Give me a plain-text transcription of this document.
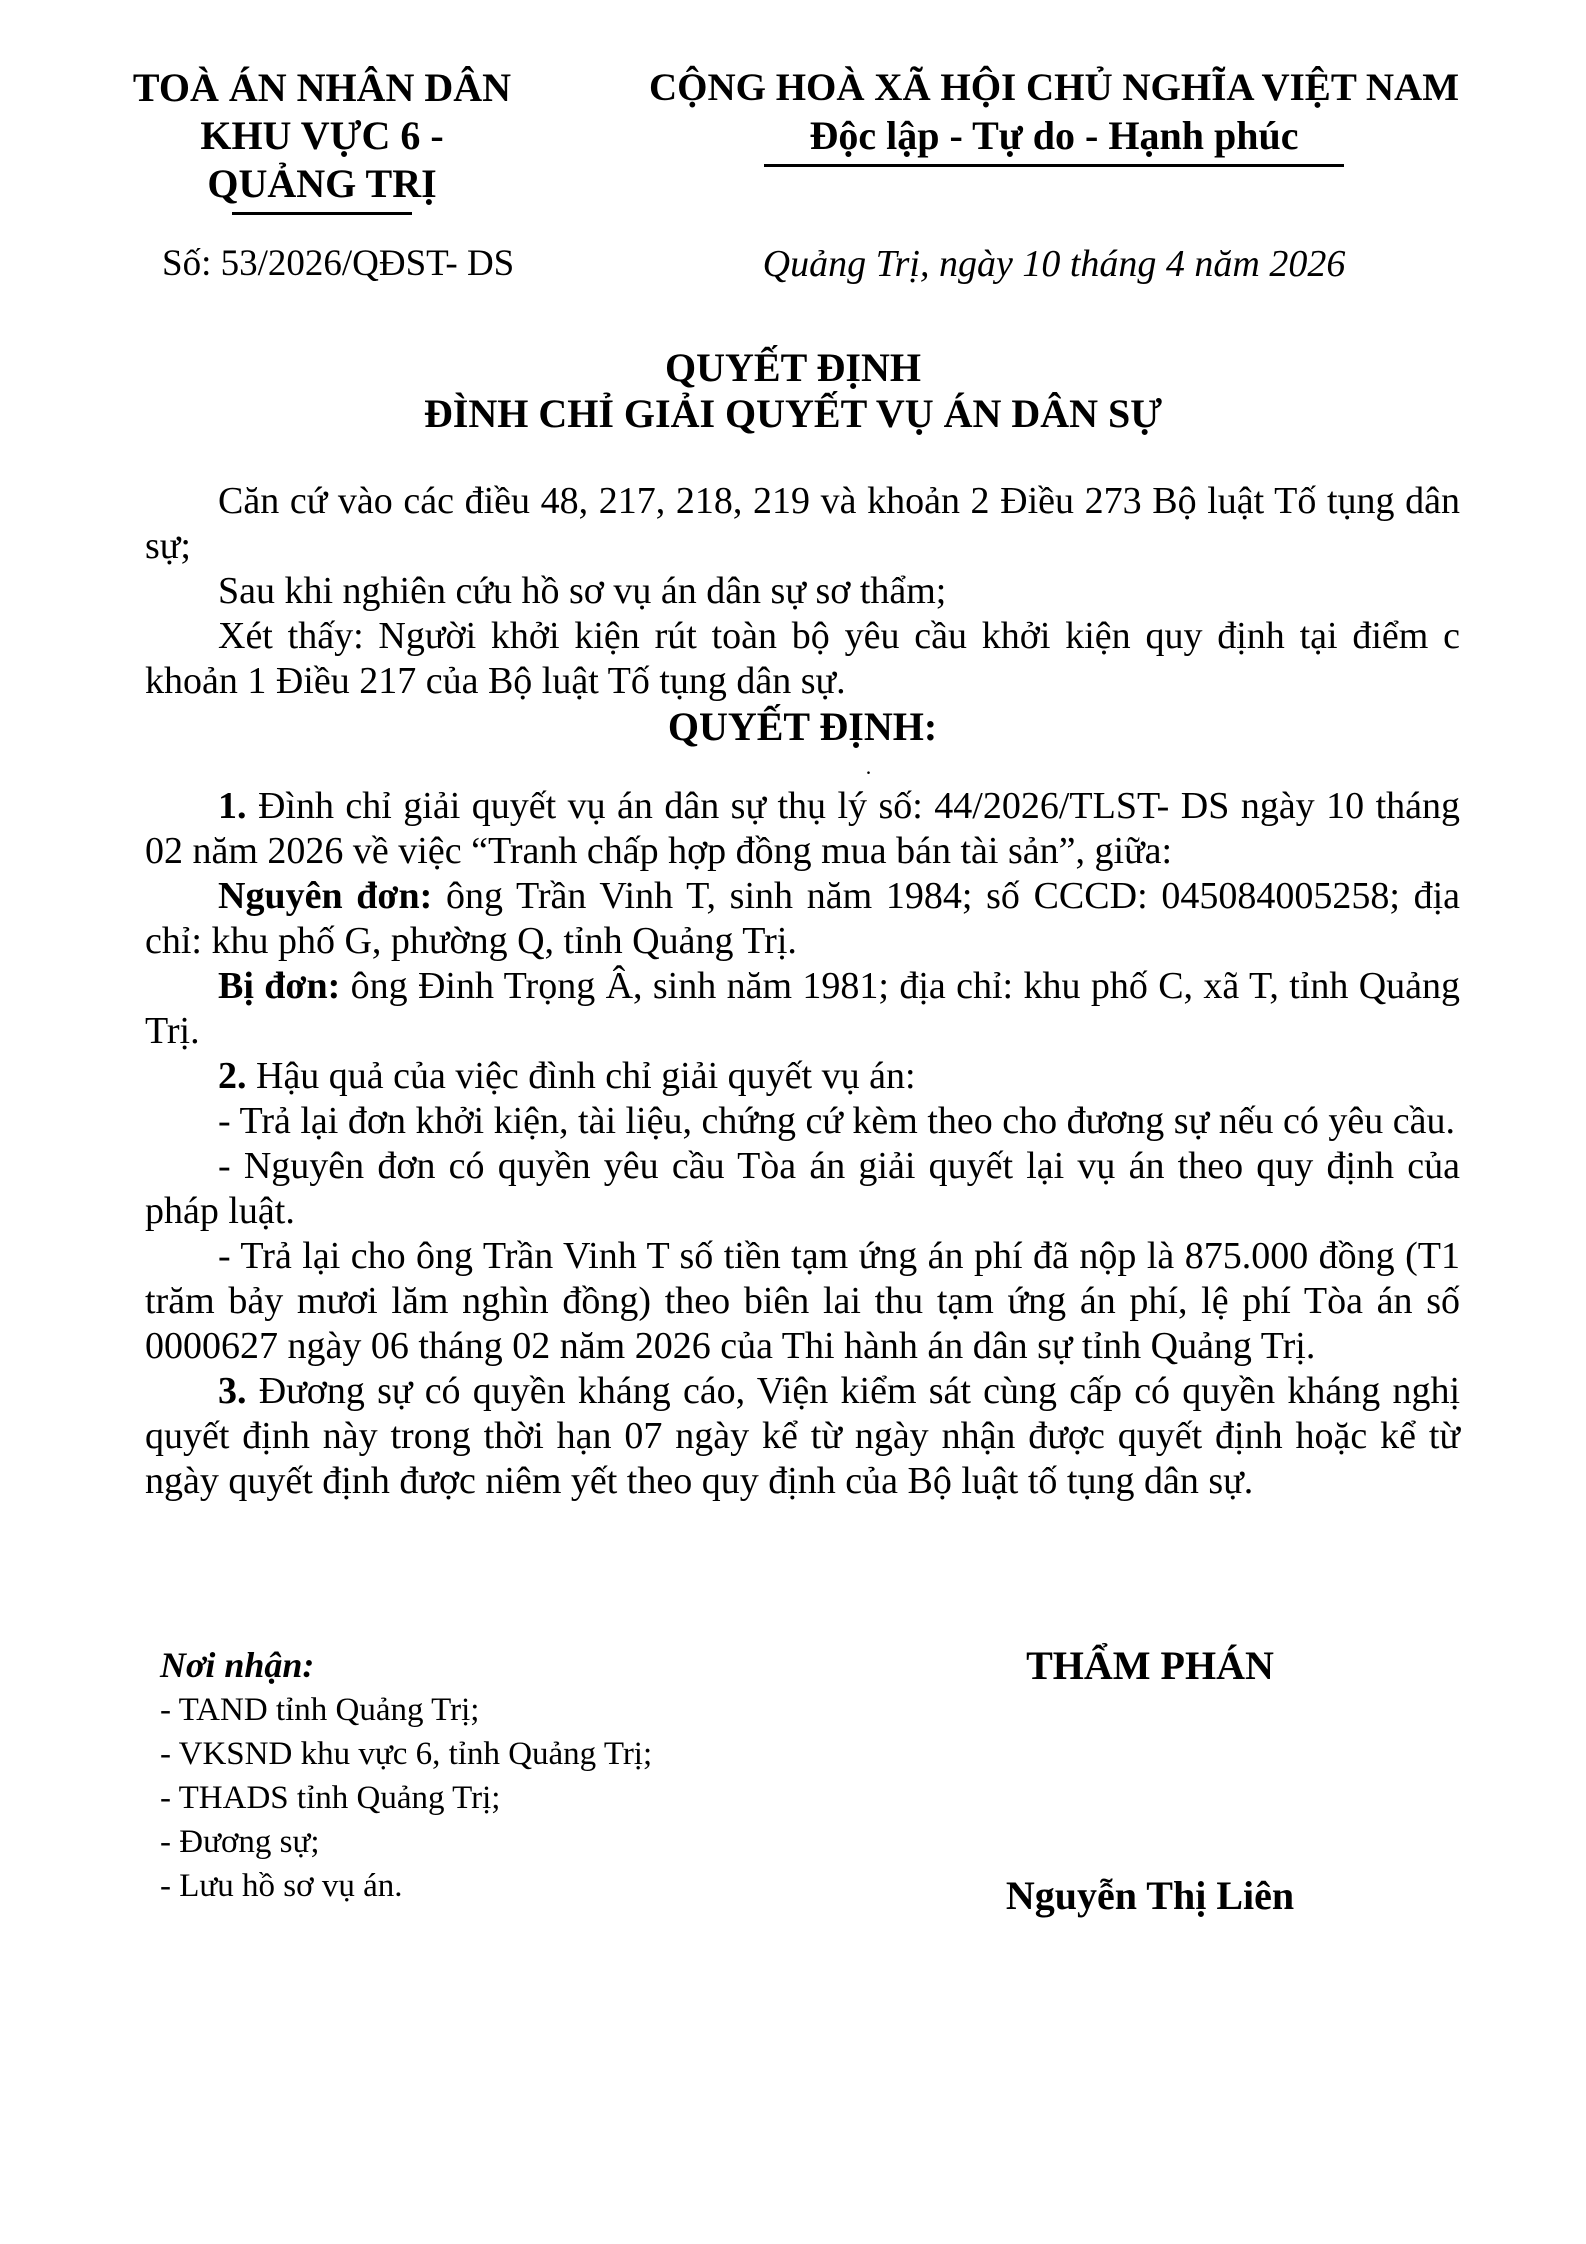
TOÀ ÁN NHÂN DÂN
KHU VỰC 6 - QUẢNG TRỊ
CỘNG HOÀ XÃ HỘI CHỦ NGHĨA VIỆT NAM
Độc lập - Tự do - Hạnh phúc
Số: 53/2026/QĐST- DS	Quảng Trị, ngày 10 tháng 4 năm 2026
QUYẾT ĐỊNH
ĐÌNH CHỈ GIẢI QUYẾT VỤ ÁN DÂN SỰ

Căn cứ vào các điều 48, 217, 218, 219 và khoản 2 Điều 273 Bộ luật Tố tụng dân sự;

Sau khi nghiên cứu hồ sơ vụ án dân sự sơ thẩm;

Xét thấy: Người khởi kiện rút toàn bộ yêu cầu khởi kiện quy định tại điểm c khoản 1 Điều 217 của Bộ luật Tố tụng dân sự.

QUYẾT ĐỊNH:

.

1. Đình chỉ giải quyết vụ án dân sự thụ lý số: 44/2026/TLST- DS ngày 10 tháng 02 năm 2026 về việc “Tranh chấp hợp đồng mua bán tài sản”, giữa:

Nguyên đơn: ông Trần Vinh T, sinh năm 1984; số CCCD: 045084005258; địa chỉ: khu phố G, phường Q, tỉnh Quảng Trị.

Bị đơn: ông Đinh Trọng Â, sinh năm 1981; địa chỉ: khu phố C, xã T, tỉnh Quảng Trị.

2. Hậu quả của việc đình chỉ giải quyết vụ án:

- Trả lại đơn khởi kiện, tài liệu, chứng cứ kèm theo cho đương sự nếu có yêu cầu.

- Nguyên đơn có quyền yêu cầu Tòa án giải quyết lại vụ án theo quy định của pháp luật.

- Trả lại cho ông Trần Vinh T số tiền tạm ứng án phí đã nộp là 875.000 đồng (T1 trăm bảy mươi lăm nghìn đồng) theo biên lai thu tạm ứng án phí, lệ phí Tòa án số 0000627 ngày 06 tháng 02 năm 2026 của Thi hành án dân sự tỉnh Quảng Trị.

3. Đương sự có quyền kháng cáo, Viện kiểm sát cùng cấp có quyền kháng nghị quyết định này trong thời hạn 07 ngày kể từ ngày nhận được quyết định hoặc kể từ ngày quyết định được niêm yết theo quy định của Bộ luật tố tụng dân sự.

Nơi nhận:
- TAND tỉnh Quảng Trị;
- VKSND khu vực 6, tỉnh Quảng Trị;
- THADS tỉnh Quảng Trị;
- Đương sự;
- Lưu hồ sơ vụ án.
THẨM PHÁN
Nguyễn Thị Liên
